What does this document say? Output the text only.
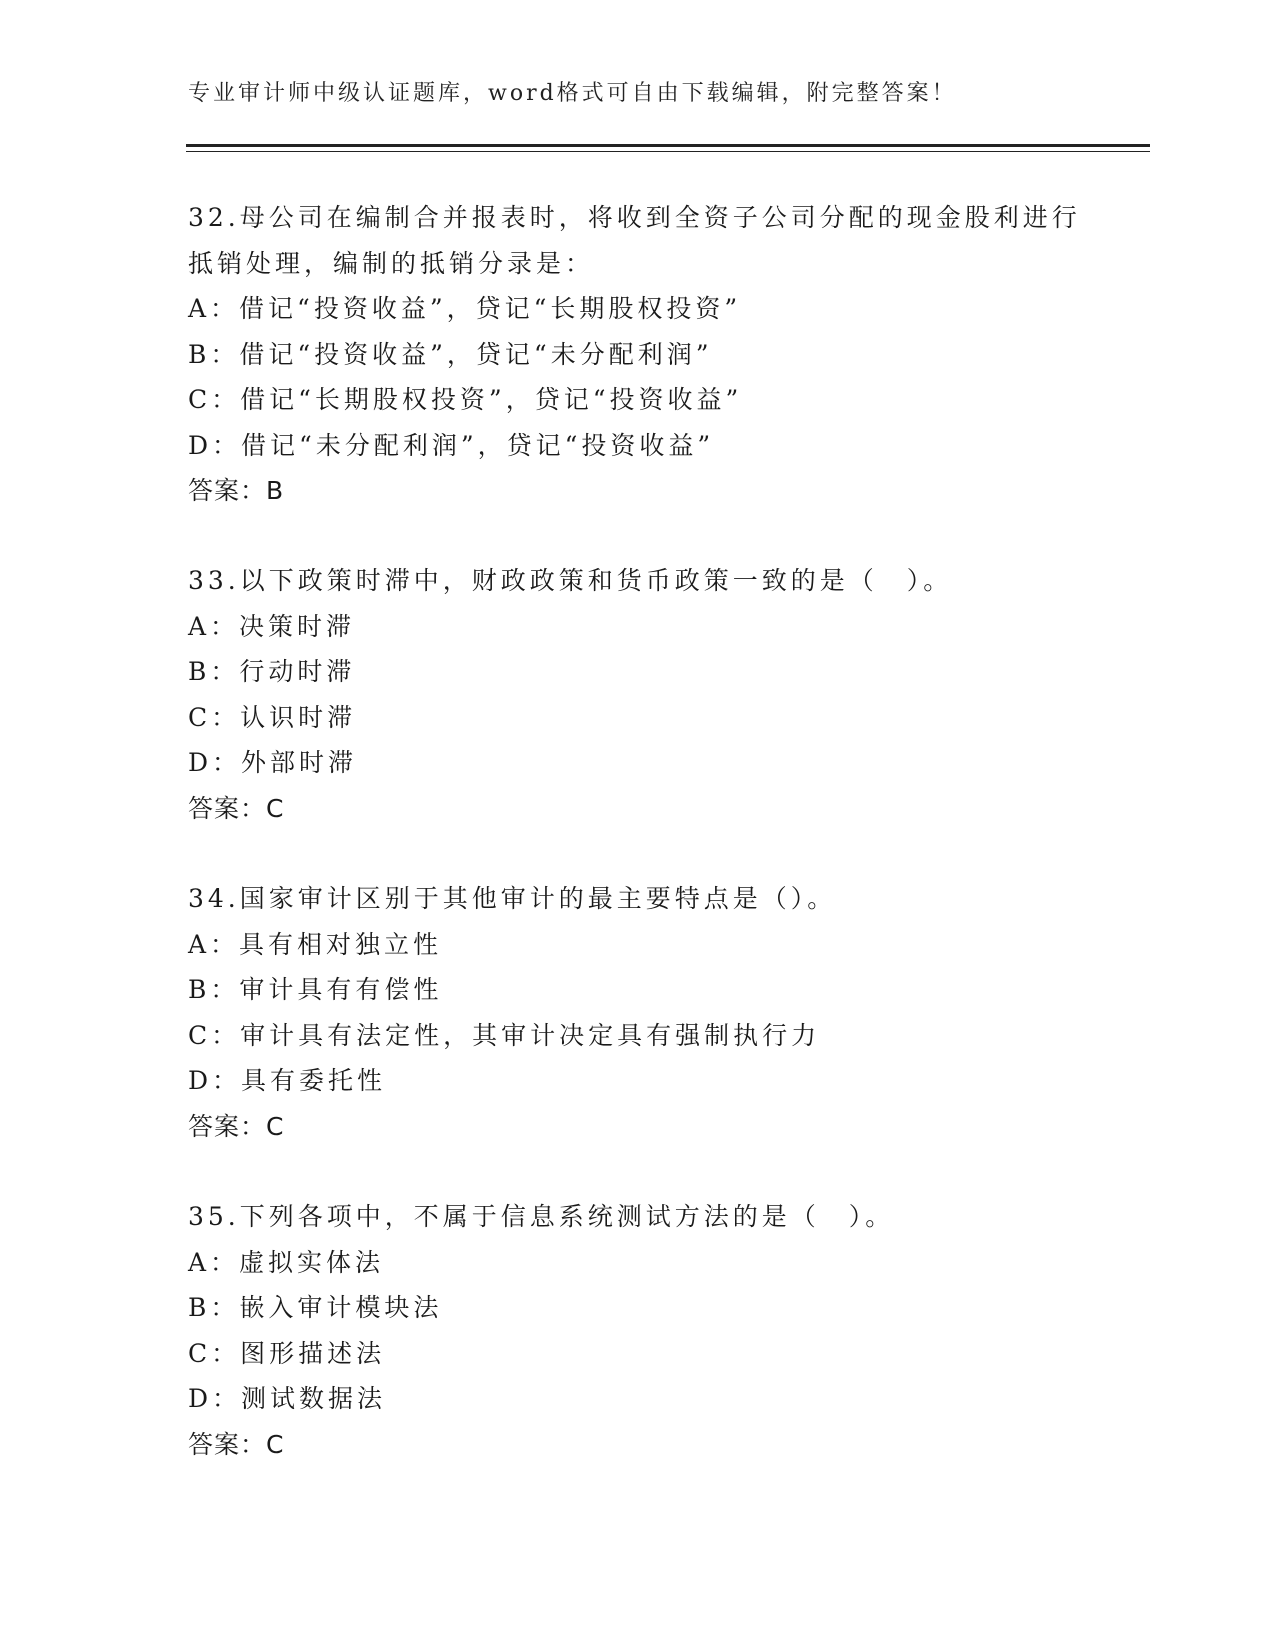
专业审计师中级认证题库，word格式可自由下载编辑，附完整答案！
32.母公司在编制合并报表时，将收到全资子公司分配的现金股利进行
抵销处理，编制的抵销分录是：
A：借记“投资收益”，贷记“长期股权投资”
B：借记“投资收益”，贷记“未分配利润”
C：借记“长期股权投资”，贷记“投资收益”
D：借记“未分配利润”，贷记“投资收益”
答案：B
33.以下政策时滞中，财政政策和货币政策一致的是（　）。
A：决策时滞
B：行动时滞
C：认识时滞
D：外部时滞
答案：C
34.国家审计区别于其他审计的最主要特点是（）。
A：具有相对独立性
B：审计具有有偿性
C：审计具有法定性，其审计决定具有强制执行力
D：具有委托性
答案：C
35.下列各项中，不属于信息系统测试方法的是（　）。
A：虚拟实体法
B：嵌入审计模块法
C：图形描述法
D：测试数据法
答案：C
